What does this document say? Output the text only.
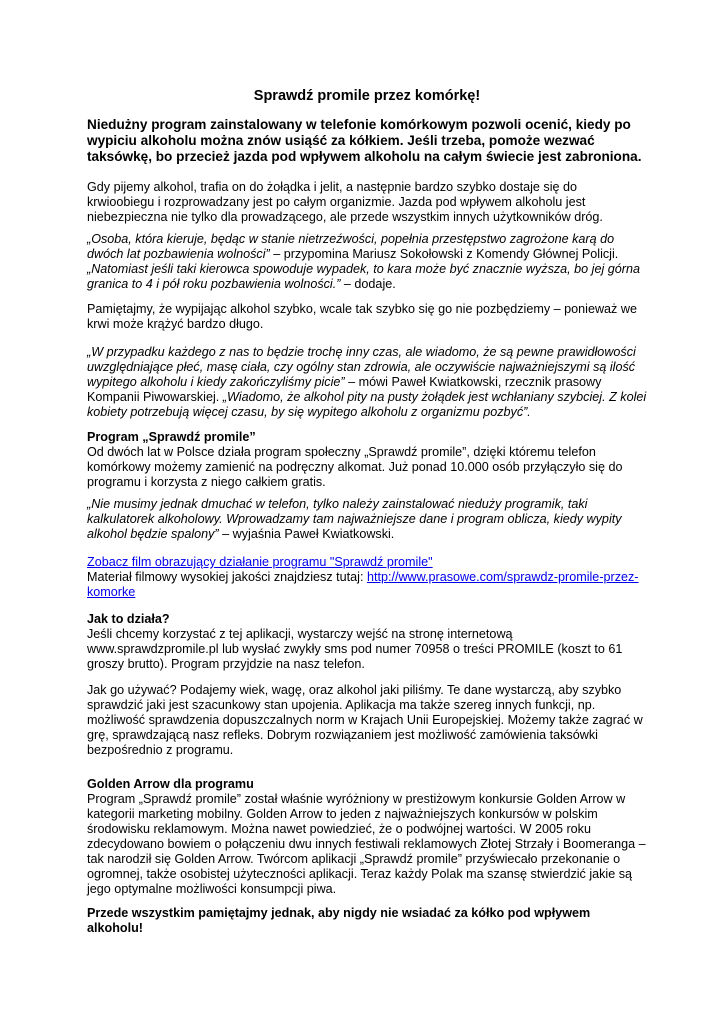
Sprawdź promile przez komórkę!

Niedużny program zainstalowany w telefonie komórkowym pozwoli ocenić, kiedy po wypiciu alkoholu można znów usiąść za kółkiem. Jeśli trzeba, pomoże wezwać taksówkę, bo przecież jazda pod wpływem alkoholu na całym świecie jest zabroniona.

Gdy pijemy alkohol, trafia on do żołądka i jelit, a następnie bardzo szybko dostaje się do krwioobiegu i rozprowadzany jest po całym organizmie. Jazda pod wpływem alkoholu jest niebezpieczna nie tylko dla prowadzącego, ale przede wszystkim innych użytkowników dróg.

„Osoba, która kieruje, będąc w stanie nietrzeźwości, popełnia przestępstwo zagrożone karą do dwóch lat pozbawienia wolności” – przypomina Mariusz Sokołowski z Komendy Głównej Policji. „Natomiast jeśli taki kierowca spowoduje wypadek, to kara może być znacznie wyższa, bo jej górna granica to 4 i pół roku pozbawienia wolności.” – dodaje.

Pamiętajmy, że wypijając alkohol szybko, wcale tak szybko się go nie pozbędziemy – ponieważ we krwi może krążyć bardzo długo.

„W przypadku każdego z nas to będzie trochę inny czas, ale wiadomo, że są pewne prawidłowości uwzględniające płeć, masę ciała, czy ogólny stan zdrowia, ale oczywiście najważniejszymi są ilość wypitego alkoholu i kiedy zakończyliśmy picie” – mówi Paweł Kwiatkowski, rzecznik prasowy Kompanii Piwowarskiej. „Wiadomo, że alkohol pity na pusty żołądek jest wchłaniany szybciej. Z kolei kobiety potrzebują więcej czasu, by się wypitego alkoholu z organizmu pozbyć”.

Program „Sprawdź promile”
Od dwóch lat w Polsce działa program społeczny „Sprawdź promile”, dzięki któremu telefon komórkowy możemy zamienić na podręczny alkomat. Już ponad 10.000 osób przyłączyło się do programu i korzysta z niego całkiem gratis.

„Nie musimy jednak dmuchać w telefon, tylko należy zainstalować nieduży programik, taki kalkulatorek alkoholowy. Wprowadzamy tam najważniejsze dane i program oblicza, kiedy wypity alkohol będzie spalony” – wyjaśnia Paweł Kwiatkowski.

Zobacz film obrazujący działanie programu "Sprawdź promile"
Materiał filmowy wysokiej jakości znajdziesz tutaj: http://www.prasowe.com/sprawdz-promile-przez-komorke
Jak to działa?
Jeśli chcemy korzystać z tej aplikacji, wystarczy wejść na stronę internetową www.sprawdzpromile.pl lub wysłać zwykły sms pod numer 70958 o treści PROMILE (koszt to 61 groszy brutto). Program przyjdzie na nasz telefon.

Jak go używać? Podajemy wiek, wagę, oraz alkohol jaki piliśmy. Te dane wystarczą, aby szybko sprawdzić jaki jest szacunkowy stan upojenia. Aplikacja ma także szereg innych funkcji, np. możliwość sprawdzenia dopuszczalnych norm w Krajach Unii Europejskiej. Możemy także zagrać w grę, sprawdzającą nasz refleks. Dobrym rozwiązaniem jest możliwość zamówienia taksówki bezpośrednio z programu.

Golden Arrow dla programu
Program „Sprawdź promile” został właśnie wyróżniony w prestiżowym konkursie Golden Arrow w kategorii marketing mobilny. Golden Arrow to jeden z najważniejszych konkursów w polskim środowisku reklamowym. Można nawet powiedzieć, że o podwójnej wartości. W 2005 roku zdecydowano bowiem o połączeniu dwu innych festiwali reklamowych Złotej Strzały i Boomeranga – tak narodził się Golden Arrow. Twórcom aplikacji „Sprawdź promile” przyświecało przekonanie o ogromnej, także osobistej użyteczności aplikacji. Teraz każdy Polak ma szansę stwierdzić jakie są jego optymalne możliwości konsumpcji piwa.

Przede wszystkim pamiętajmy jednak, aby nigdy nie wsiadać za kółko pod wpływem alkoholu!
